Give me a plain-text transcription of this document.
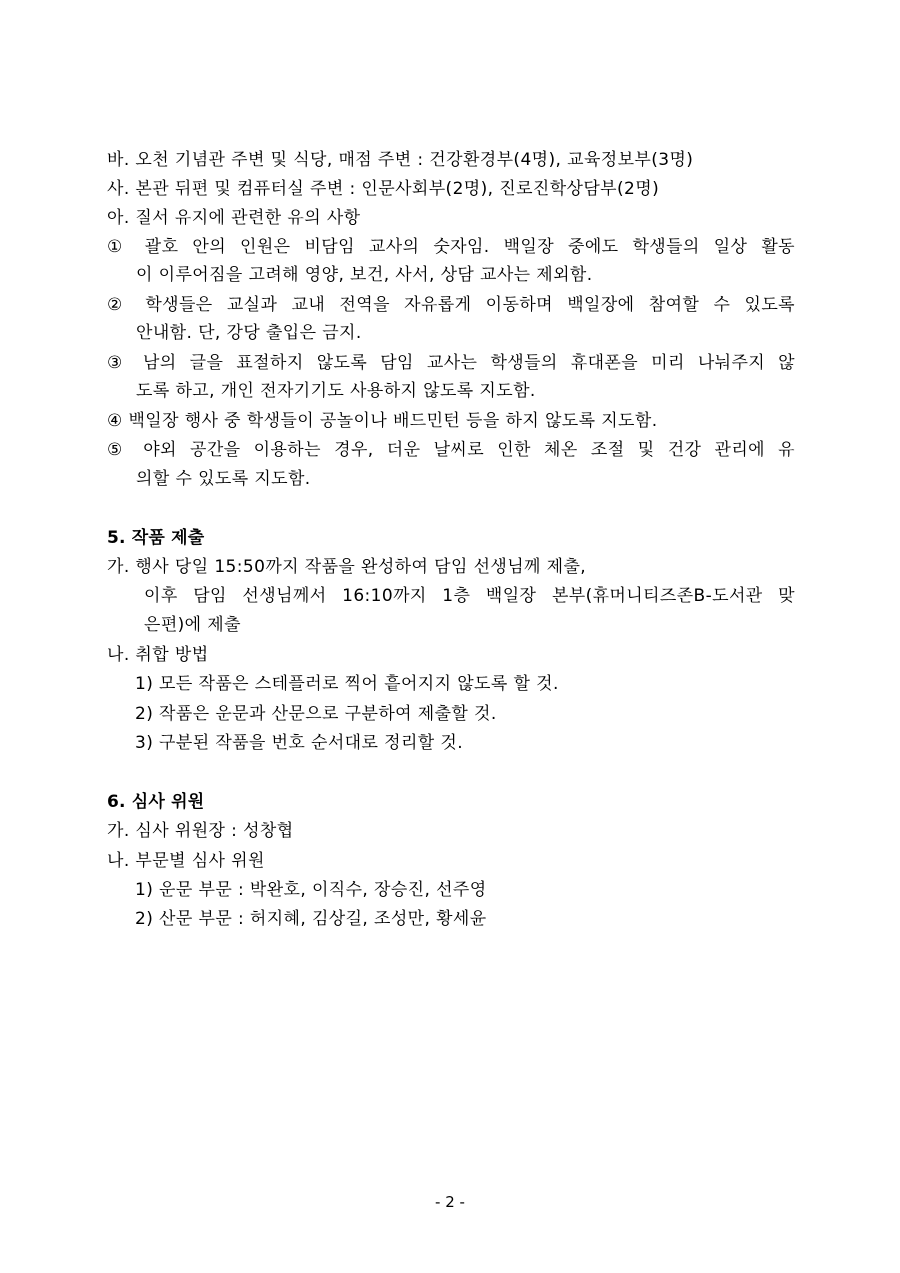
바. 오천 기념관 주변 및 식당, 매점 주변 : 건강환경부(4명), 교육정보부(3명)
사. 본관 뒤편 및 컴퓨터실 주변 : 인문사회부(2명), 진로진학상담부(2명)
아. 질서 유지에 관련한 유의 사항
① 괄호 안의 인원은 비담임 교사의 숫자임. 백일장 중에도 학생들의 일상 활동
이 이루어짐을 고려해 영양, 보건, 사서, 상담 교사는 제외함.
② 학생들은 교실과 교내 전역을 자유롭게 이동하며 백일장에 참여할 수 있도록
안내함. 단, 강당 출입은 금지.
③ 남의 글을 표절하지 않도록 담임 교사는 학생들의 휴대폰을 미리 나눠주지 않
도록 하고, 개인 전자기기도 사용하지 않도록 지도함.
④ 백일장 행사 중 학생들이 공놀이나 배드민턴 등을 하지 않도록 지도함.
⑤ 야외 공간을 이용하는 경우, 더운 날씨로 인한 체온 조절 및 건강 관리에 유
의할 수 있도록 지도함.
5. 작품 제출
가. 행사 당일 15:50까지 작품을 완성하여 담임 선생님께 제출,
이후 담임 선생님께서 16:10까지 1층 백일장 본부(휴머니티즈존B-도서관 맞
은편)에 제출
나. 취합 방법
1) 모든 작품은 스테플러로 찍어 흩어지지 않도록 할 것.
2) 작품은 운문과 산문으로 구분하여 제출할 것.
3) 구분된 작품을 번호 순서대로 정리할 것.
6. 심사 위원
가. 심사 위원장 : 성창협
나. 부문별 심사 위원
1) 운문 부문 : 박완호, 이직수, 장승진, 선주영
2) 산문 부문 : 허지혜, 김상길, 조성만, 황세윤
- 2 -
